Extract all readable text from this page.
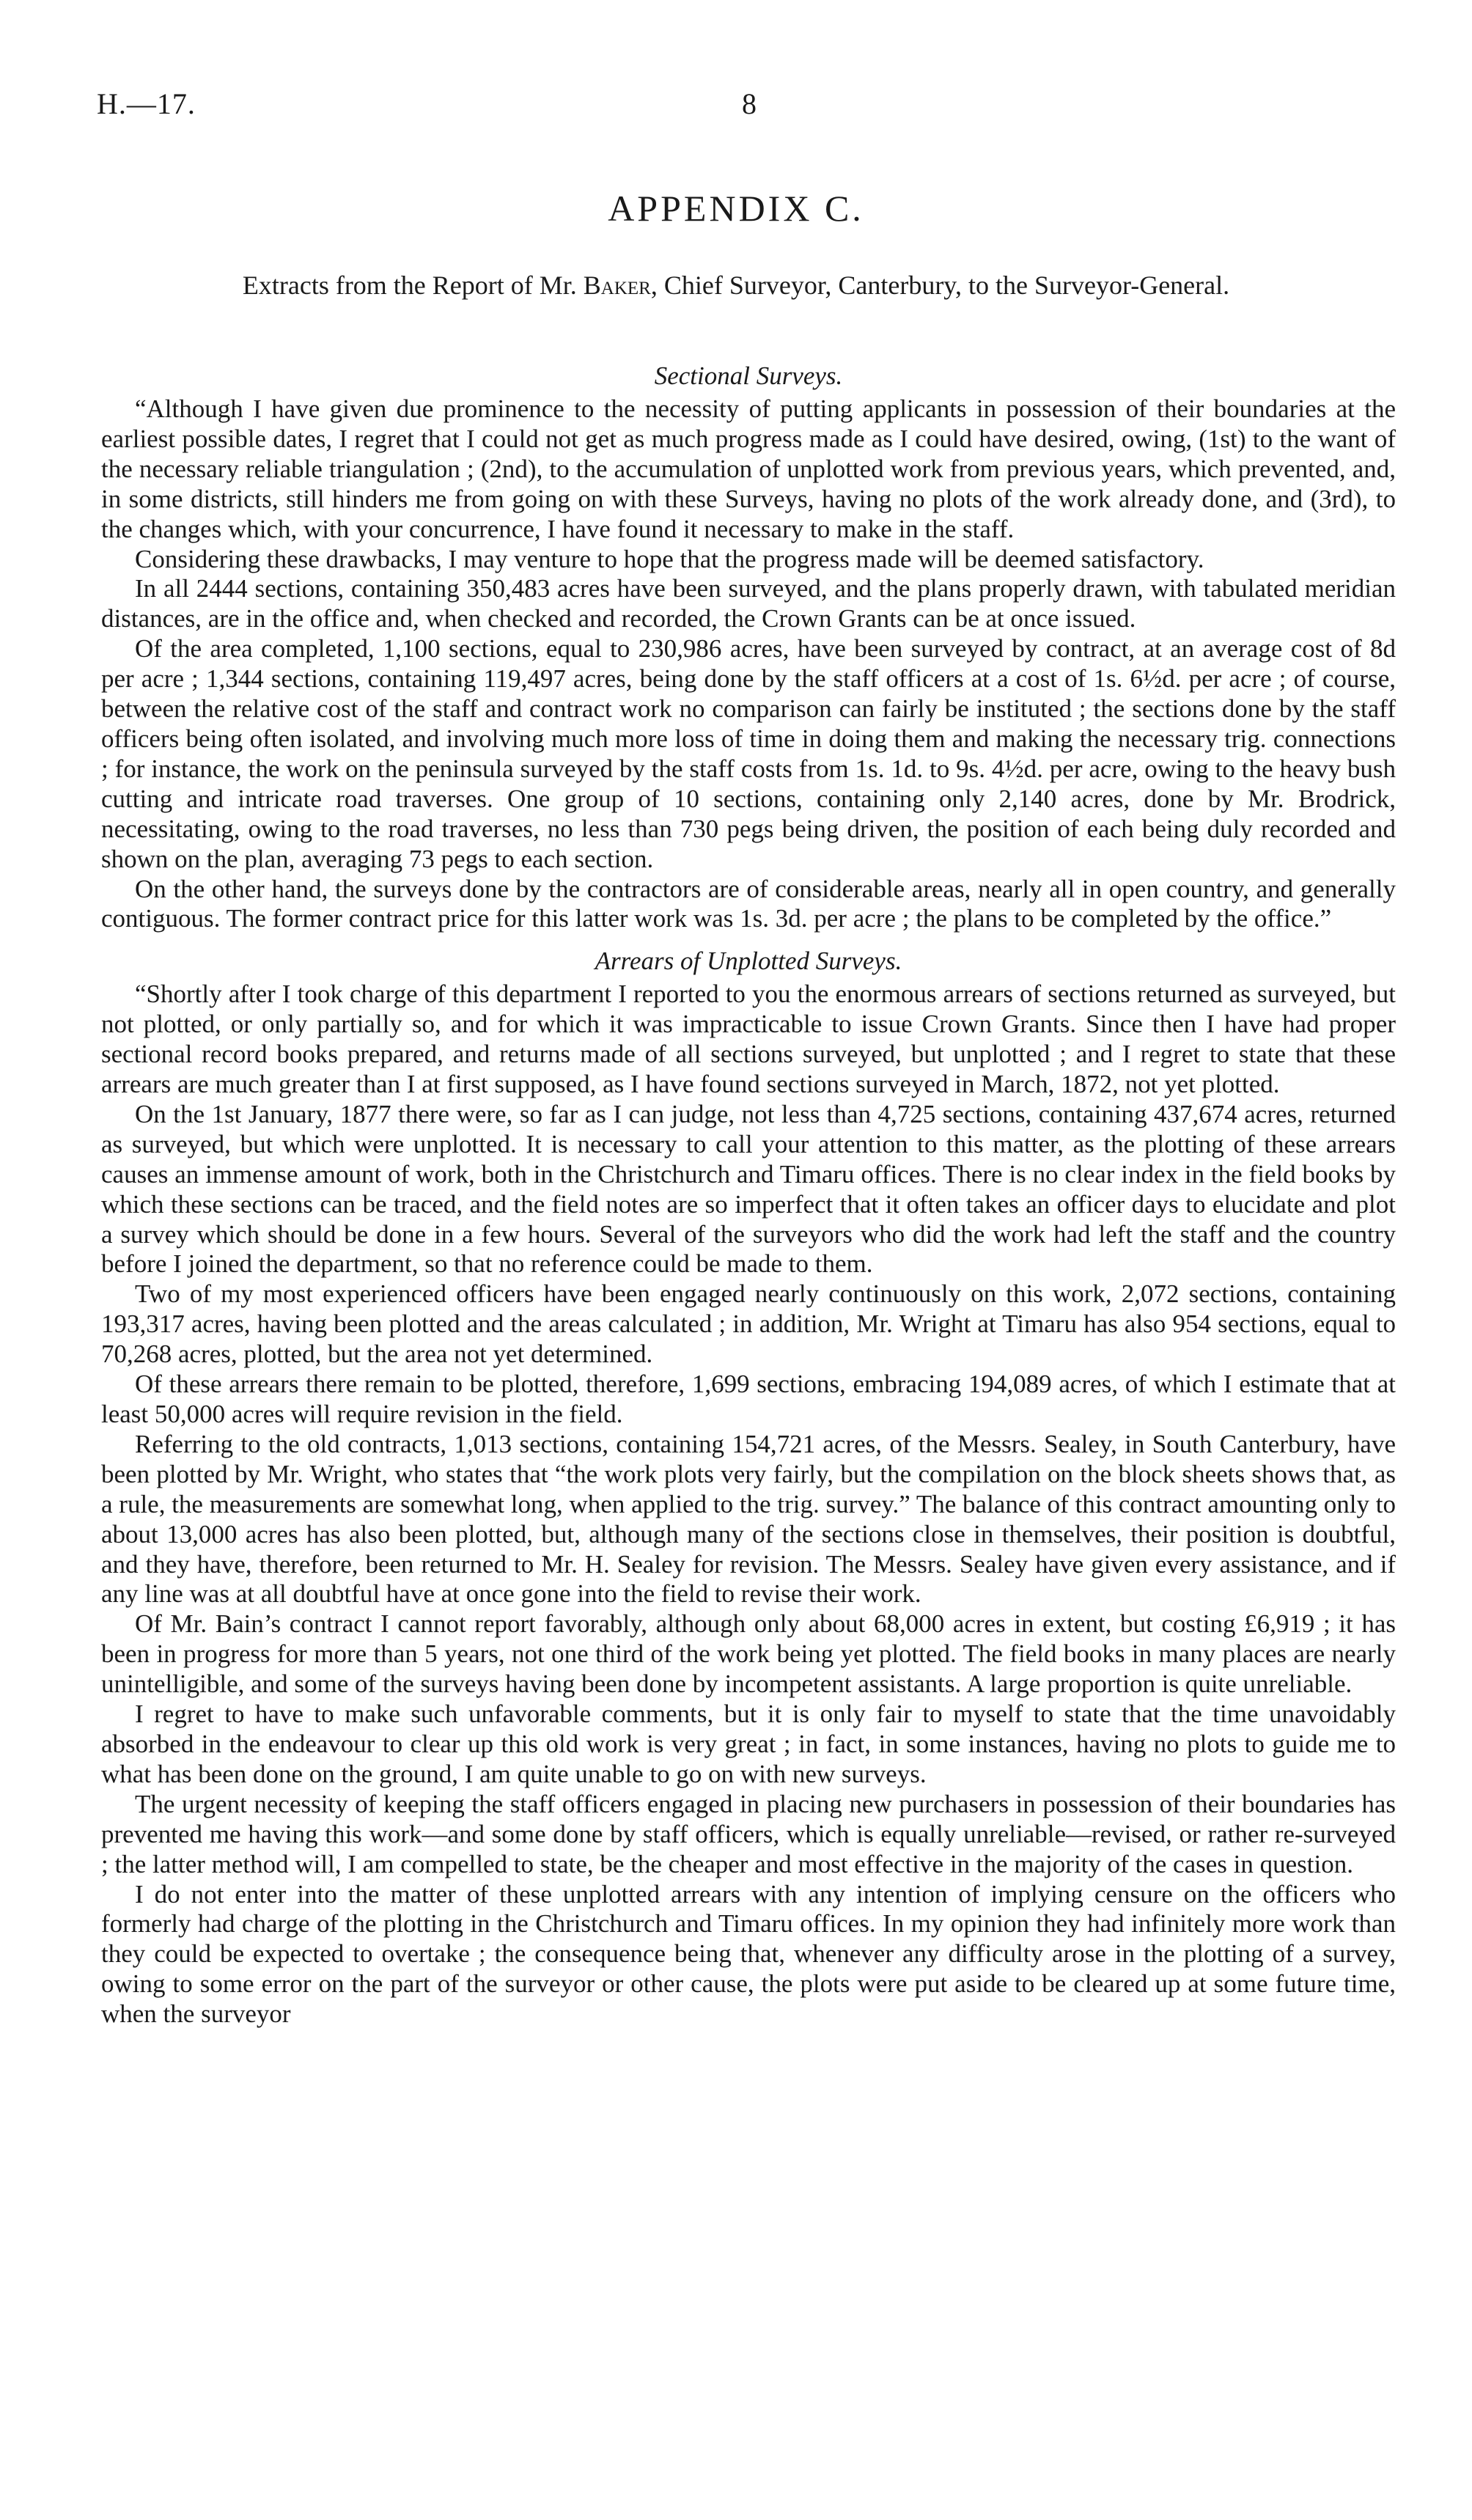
H.—17.	8
APPENDIX C.
Extracts from the Report of Mr. Baker, Chief Surveyor, Canterbury, to the Surveyor-General.
Sectional Surveys.

“Although I have given due prominence to the necessity of putting applicants in possession of their boundaries at the earliest possible dates, I regret that I could not get as much progress made as I could have desired, owing, (1st) to the want of the necessary reliable triangulation ; (2nd), to the accumulation of unplotted work from previous years, which prevented, and, in some districts, still hinders me from going on with these Surveys, having no plots of the work already done, and (3rd), to the changes which, with your concurrence, I have found it necessary to make in the staff.

Considering these drawbacks, I may venture to hope that the progress made will be deemed satisfactory.

In all 2444 sections, containing 350,483 acres have been surveyed, and the plans properly drawn, with tabulated meridian distances, are in the office and, when checked and recorded, the Crown Grants can be at once issued.

Of the area completed, 1,100 sections, equal to 230,986 acres, have been surveyed by contract, at an average cost of 8d per acre ; 1,344 sections, containing 119,497 acres, being done by the staff officers at a cost of 1s. 6½d. per acre ; of course, between the relative cost of the staff and contract work no comparison can fairly be instituted ; the sections done by the staff officers being often isolated, and involving much more loss of time in doing them and making the necessary trig. connections ; for instance, the work on the peninsula surveyed by the staff costs from 1s. 1d. to 9s. 4½d. per acre, owing to the heavy bush cutting and intricate road traverses. One group of 10 sections, containing only 2,140 acres, done by Mr. Brodrick, necessitating, owing to the road traverses, no less than 730 pegs being driven, the position of each being duly recorded and shown on the plan, averaging 73 pegs to each section.

On the other hand, the surveys done by the contractors are of considerable areas, nearly all in open country, and generally contiguous. The former contract price for this latter work was 1s. 3d. per acre ; the plans to be completed by the office.”

Arrears of Unplotted Surveys.

“Shortly after I took charge of this department I reported to you the enormous arrears of sections returned as surveyed, but not plotted, or only partially so, and for which it was impracticable to issue Crown Grants. Since then I have had proper sectional record books prepared, and returns made of all sections surveyed, but unplotted ; and I regret to state that these arrears are much greater than I at first supposed, as I have found sections surveyed in March, 1872, not yet plotted.

On the 1st January, 1877 there were, so far as I can judge, not less than 4,725 sections, containing 437,674 acres, returned as surveyed, but which were unplotted. It is necessary to call your attention to this matter, as the plotting of these arrears causes an immense amount of work, both in the Christchurch and Timaru offices. There is no clear index in the field books by which these sections can be traced, and the field notes are so imperfect that it often takes an officer days to elucidate and plot a survey which should be done in a few hours. Several of the surveyors who did the work had left the staff and the country before I joined the department, so that no reference could be made to them.

Two of my most experienced officers have been engaged nearly continuously on this work, 2,072 sections, containing 193,317 acres, having been plotted and the areas calculated ; in addition, Mr. Wright at Timaru has also 954 sections, equal to 70,268 acres, plotted, but the area not yet determined.

Of these arrears there remain to be plotted, therefore, 1,699 sections, embracing 194,089 acres, of which I estimate that at least 50,000 acres will require revision in the field.

Referring to the old contracts, 1,013 sections, containing 154,721 acres, of the Messrs. Sealey, in South Canterbury, have been plotted by Mr. Wright, who states that “the work plots very fairly, but the compilation on the block sheets shows that, as a rule, the measurements are somewhat long, when applied to the trig. survey.” The balance of this contract amounting only to about 13,000 acres has also been plotted, but, although many of the sections close in themselves, their position is doubtful, and they have, therefore, been returned to Mr. H. Sealey for revision. The Messrs. Sealey have given every assistance, and if any line was at all doubtful have at once gone into the field to revise their work.

Of Mr. Bain’s contract I cannot report favorably, although only about 68,000 acres in extent, but costing £6,919 ; it has been in progress for more than 5 years, not one third of the work being yet plotted. The field books in many places are nearly unintelligible, and some of the surveys having been done by incompetent assistants. A large proportion is quite unreliable.

I regret to have to make such unfavorable comments, but it is only fair to myself to state that the time unavoidably absorbed in the endeavour to clear up this old work is very great ; in fact, in some instances, having no plots to guide me to what has been done on the ground, I am quite unable to go on with new surveys.

The urgent necessity of keeping the staff officers engaged in placing new purchasers in possession of their boundaries has prevented me having this work—and some done by staff officers, which is equally unreliable—revised, or rather re-surveyed ; the latter method will, I am compelled to state, be the cheaper and most effective in the majority of the cases in question.

I do not enter into the matter of these unplotted arrears with any intention of implying censure on the officers who formerly had charge of the plotting in the Christchurch and Timaru offices. In my opinion they had infinitely more work than they could be expected to overtake ; the consequence being that, whenever any difficulty arose in the plotting of a survey, owing to some error on the part of the surveyor or other cause, the plots were put aside to be cleared up at some future time, when the surveyor
